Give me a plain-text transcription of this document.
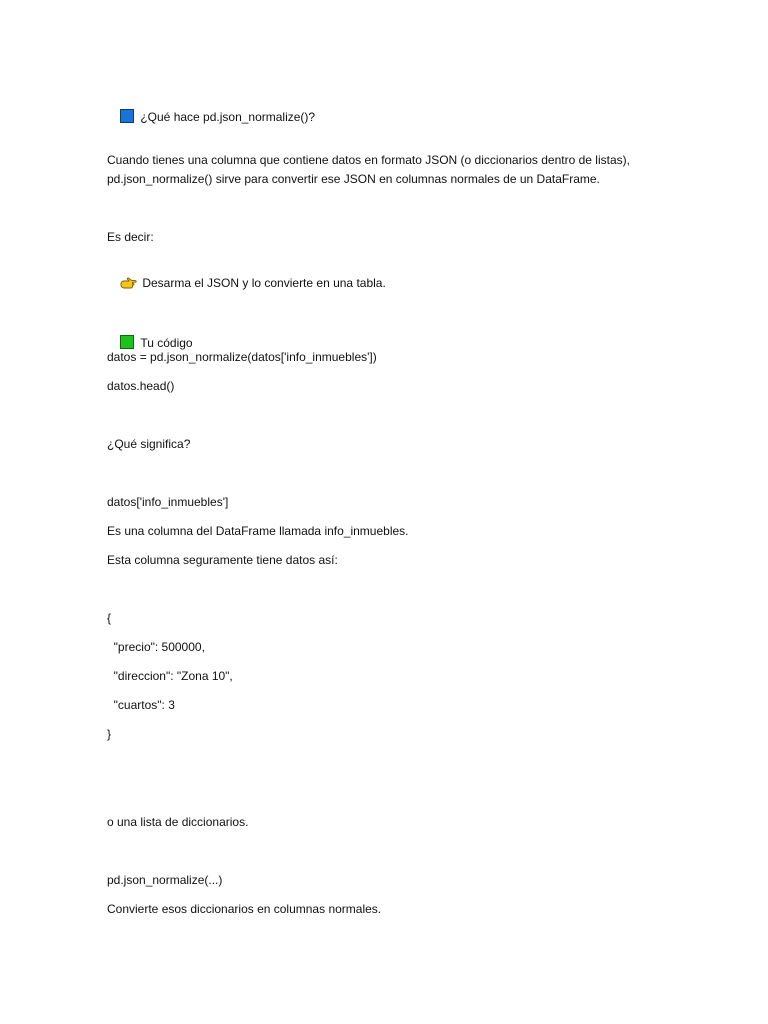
¿Qué hace pd.json_normalize()?

Cuando tienes una columna que contiene datos en formato JSON (o diccionarios dentro de listas),
pd.json_normalize() sirve para convertir ese JSON en columnas normales de un DataFrame.
Es decir:

Desarma el JSON y lo convierte en una tabla.

Tu código

datos = pd.json_normalize(datos['info_inmuebles'])
datos.head()
¿Qué significa?
datos['info_inmuebles']
Es una columna del DataFrame llamada info_inmuebles.
Esta columna seguramente tiene datos así:
{
"precio": 500000,
"direccion": "Zona 10",
"cuartos": 3
}
o una lista de diccionarios.
pd.json_normalize(...)
Convierte esos diccionarios en columnas normales.
